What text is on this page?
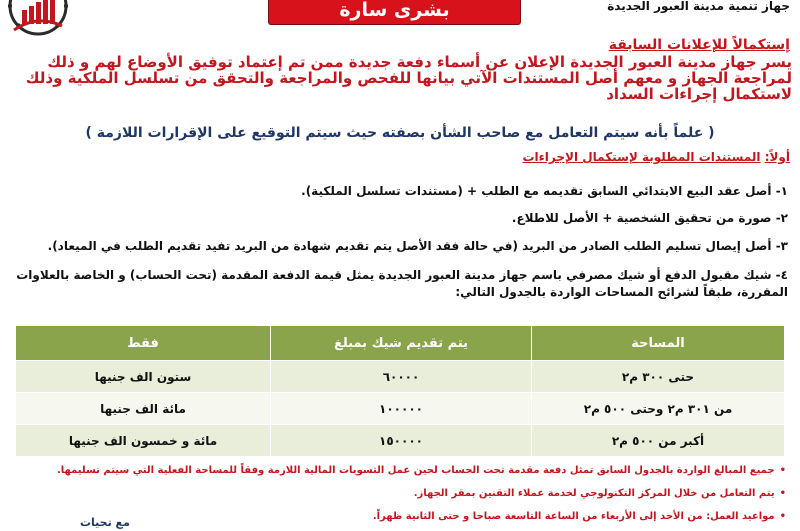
جهاز تنمية مدينة العبور الجديدة
بشرى سارة
إستكمالاً للإعلانات السابقة
يسر جهاز مدينة العبور الجديدة الإعلان عن أسماء دفعة جديدة ممن تم إعتماد توفيق الأوضاع لهم و ذلك لمراجعة الجهاز و معهم أصل المستندات الآتي بيانها للفحص والمراجعة والتحقق من تسلسل الملكية وذلك لاستكمال إجراءات السداد
( علماً بأنه سيتم التعامل مع صاحب الشأن بصفته حيث سيتم التوقيع على الإقرارات اللازمة )
أولاً: المستندات المطلوبة لإستكمال الإجراءات
١- أصل عقد البيع الابتدائي السابق تقديمه مع الطلب + (مستندات تسلسل الملكية).
٢- صورة من تحقيق الشخصية + الأصل للاطلاع.
٣- أصل إيصال تسليم الطلب الصادر من البريد (في حالة فقد الأصل يتم تقديم شهادة من البريد تفيد تقديم الطلب في الميعاد).
٤- شيك مقبول الدفع أو شيك مصرفي باسم جهاز مدينة العبور الجديدة يمثل قيمة الدفعة المقدمة (تحت الحساب) و الخاصة بالعلاوات المقررة، طبقاً لشرائح المساحات الواردة بالجدول التالي:
المساحة	يتم تقديم شيك بمبلغ	فقط
حتى ٣٠٠ م٢	٦٠٠٠٠	ستون الف جنيها
من ٣٠١ م٢ وحتى ٥٠٠ م٢	١٠٠٠٠٠	مائة الف جنيها
أكبر من ٥٠٠ م٢	١٥٠٠٠٠	مائة و خمسون الف جنيها
• جميع المبالغ الواردة بالجدول السابق تمثل دفعة مقدمة تحت الحساب لحين عمل التسويات المالية اللازمة وفقاً للمساحة الفعلية التي سيتم تسليمها.
• يتم التعامل من خلال المركز التكنولوجي لخدمة عملاء التقنين بمقر الجهاز.
• مواعيد العمل: من الأحد إلى الأربعاء من الساعة التاسعة صباحا و حتى الثانية ظهراً.
مع تحيات
